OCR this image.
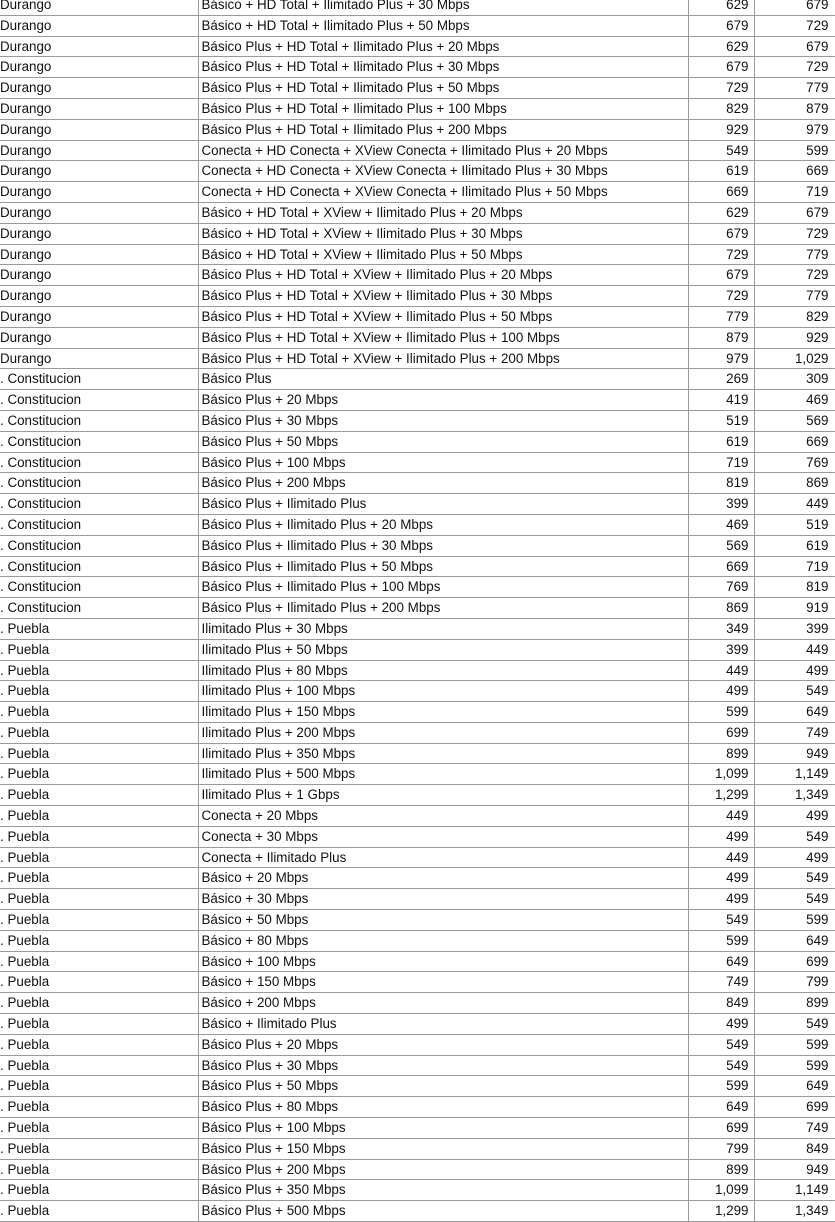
Durango	Básico + HD Total + Ilimitado Plus + 30 Mbps	629	679
Durango	Básico + HD Total + Ilimitado Plus + 50 Mbps	679	729
Durango	Básico Plus + HD Total + Ilimitado Plus + 20 Mbps	629	679
Durango	Básico Plus + HD Total + Ilimitado Plus + 30 Mbps	679	729
Durango	Básico Plus + HD Total + Ilimitado Plus + 50 Mbps	729	779
Durango	Básico Plus + HD Total + Ilimitado Plus + 100 Mbps	829	879
Durango	Básico Plus + HD Total + Ilimitado Plus + 200 Mbps	929	979
Durango	Conecta + HD Conecta + XView Conecta + Ilimitado Plus + 20 Mbps	549	599
Durango	Conecta + HD Conecta + XView Conecta + Ilimitado Plus + 30 Mbps	619	669
Durango	Conecta + HD Conecta + XView Conecta + Ilimitado Plus + 50 Mbps	669	719
Durango	Básico + HD Total + XView + Ilimitado Plus + 20 Mbps	629	679
Durango	Básico + HD Total + XView + Ilimitado Plus + 30 Mbps	679	729
Durango	Básico + HD Total + XView + Ilimitado Plus + 50 Mbps	729	779
Durango	Básico Plus + HD Total + XView + Ilimitado Plus + 20 Mbps	679	729
Durango	Básico Plus + HD Total + XView + Ilimitado Plus + 30 Mbps	729	779
Durango	Básico Plus + HD Total + XView + Ilimitado Plus + 50 Mbps	779	829
Durango	Básico Plus + HD Total + XView + Ilimitado Plus + 100 Mbps	879	929
Durango	Básico Plus + HD Total + XView + Ilimitado Plus + 200 Mbps	979	1,029
. Constitucion	Básico Plus	269	309
. Constitucion	Básico Plus + 20 Mbps	419	469
. Constitucion	Básico Plus + 30 Mbps	519	569
. Constitucion	Básico Plus + 50 Mbps	619	669
. Constitucion	Básico Plus + 100 Mbps	719	769
. Constitucion	Básico Plus + 200 Mbps	819	869
. Constitucion	Básico Plus + Ilimitado Plus	399	449
. Constitucion	Básico Plus + Ilimitado Plus + 20 Mbps	469	519
. Constitucion	Básico Plus + Ilimitado Plus + 30 Mbps	569	619
. Constitucion	Básico Plus + Ilimitado Plus + 50 Mbps	669	719
. Constitucion	Básico Plus + Ilimitado Plus + 100 Mbps	769	819
. Constitucion	Básico Plus + Ilimitado Plus + 200 Mbps	869	919
. Puebla	Ilimitado Plus + 30 Mbps	349	399
. Puebla	Ilimitado Plus + 50 Mbps	399	449
. Puebla	Ilimitado Plus + 80 Mbps	449	499
. Puebla	Ilimitado Plus + 100 Mbps	499	549
. Puebla	Ilimitado Plus + 150 Mbps	599	649
. Puebla	Ilimitado Plus + 200 Mbps	699	749
. Puebla	Ilimitado Plus + 350 Mbps	899	949
. Puebla	Ilimitado Plus + 500 Mbps	1,099	1,149
. Puebla	Ilimitado Plus + 1 Gbps	1,299	1,349
. Puebla	Conecta + 20 Mbps	449	499
. Puebla	Conecta + 30 Mbps	499	549
. Puebla	Conecta + Ilimitado Plus	449	499
. Puebla	Básico + 20 Mbps	499	549
. Puebla	Básico + 30 Mbps	499	549
. Puebla	Básico + 50 Mbps	549	599
. Puebla	Básico + 80 Mbps	599	649
. Puebla	Básico + 100 Mbps	649	699
. Puebla	Básico + 150 Mbps	749	799
. Puebla	Básico + 200 Mbps	849	899
. Puebla	Básico + Ilimitado Plus	499	549
. Puebla	Básico Plus + 20 Mbps	549	599
. Puebla	Básico Plus + 30 Mbps	549	599
. Puebla	Básico Plus + 50 Mbps	599	649
. Puebla	Básico Plus + 80 Mbps	649	699
. Puebla	Básico Plus + 100 Mbps	699	749
. Puebla	Básico Plus + 150 Mbps	799	849
. Puebla	Básico Plus + 200 Mbps	899	949
. Puebla	Básico Plus + 350 Mbps	1,099	1,149
. Puebla	Básico Plus + 500 Mbps	1,299	1,349
